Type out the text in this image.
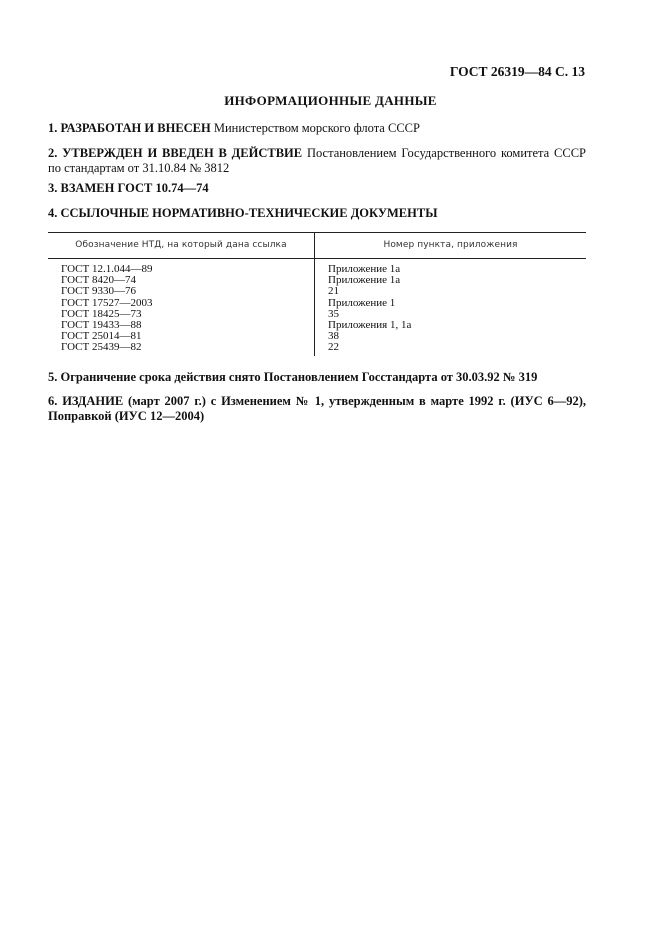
ГОСТ 26319—84 С. 13
ИНФОРМАЦИОННЫЕ ДАННЫЕ
1. РАЗРАБОТАН И ВНЕСЕН Министерством морского флота СССР
2. УТВЕРЖДЕН И ВВЕДЕН В ДЕЙСТВИЕ Постановлением Государственного комитета СССР по стандартам от 31.10.84 № 3812
3. ВЗАМЕН ГОСТ 10.74—74
4. ССЫЛОЧНЫЕ НОРМАТИВНО-ТЕХНИЧЕСКИЕ ДОКУМЕНТЫ
Обозначение НТД, на который дана ссылка	Номер пункта, приложения
ГОСТ 12.1.044—89
ГОСТ 8420—74
ГОСТ 9330—76
ГОСТ 17527—2003
ГОСТ 18425—73
ГОСТ 19433—88
ГОСТ 25014—81
ГОСТ 25439—82
Приложение 1а
Приложение 1а
21
Приложение 1
35
Приложения 1, 1а
38
22
5. Ограничение срока действия снято Постановлением Госстандарта от 30.03.92 № 319
6. ИЗДАНИЕ (март 2007 г.) с Изменением № 1, утвержденным в марте 1992 г. (ИУС 6—92), Поправкой (ИУС 12—2004)
